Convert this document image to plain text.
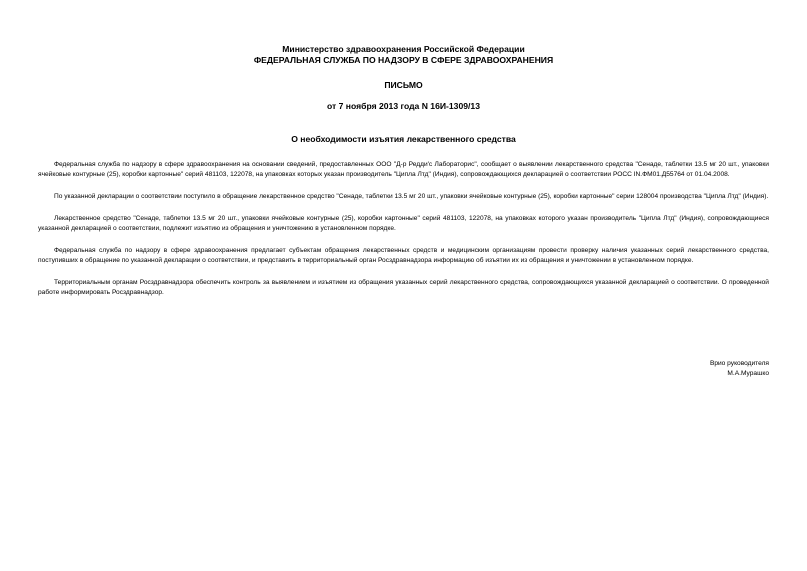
Министерство здравоохранения Российской Федерации
ФЕДЕРАЛЬНАЯ СЛУЖБА ПО НАДЗОРУ В СФЕРЕ ЗДРАВООХРАНЕНИЯ
ПИСЬМО
от 7 ноября 2013 года N 16И-1309/13
О необходимости изъятия лекарственного средства

Федеральная служба по надзору в сфере здравоохранения на основании сведений, предоставленных ООО "Д-р Редди'с Лабораторис", сообщает о выявлении лекарственного средства "Сенаде, таблетки 13.5 мг 20 шт., упаковки ячейковые контурные (25), коробки картонные" серий 481103, 122078, на упаковках которых указан производитель "Ципла Лтд" (Индия), сопровождающихся декларацией о соответствии РОСС IN.ФМ01.Д55764 от 01.04.2008.

По указанной декларации о соответствии поступило в обращение лекарственное средство "Сенаде, таблетки 13.5 мг 20 шт., упаковки ячейковые контурные (25), коробки картонные" серии 128004 производства "Ципла Лтд" (Индия).

Лекарственное средство "Сенаде, таблетки 13.5 мг 20 шт., упаковки ячейковые контурные (25), коробки картонные" серий 481103, 122078, на упаковках которого указан производитель "Ципла Лтд" (Индия), сопровождающиеся указанной декларацией о соответствии, подлежит изъятию из обращения и уничтожению в установленном порядке.

Федеральная служба по надзору в сфере здравоохранения предлагает субъектам обращения лекарственных средств и медицинским организациям провести проверку наличия указанных серий лекарственного средства, поступивших в обращение по указанной декларации о соответствии, и представить в территориальный орган Росздравнадзора информацию об изъятии их из обращения и уничтожении в установленном порядке.

Территориальным органам Росздравнадзора обеспечить контроль за выявлением и изъятием из обращения указанных серий лекарственного средства, сопровождающихся указанной декларацией о соответствии. О проведенной работе информировать Росздравнадзор.

Врио руководителя
М.А.Мурашко
